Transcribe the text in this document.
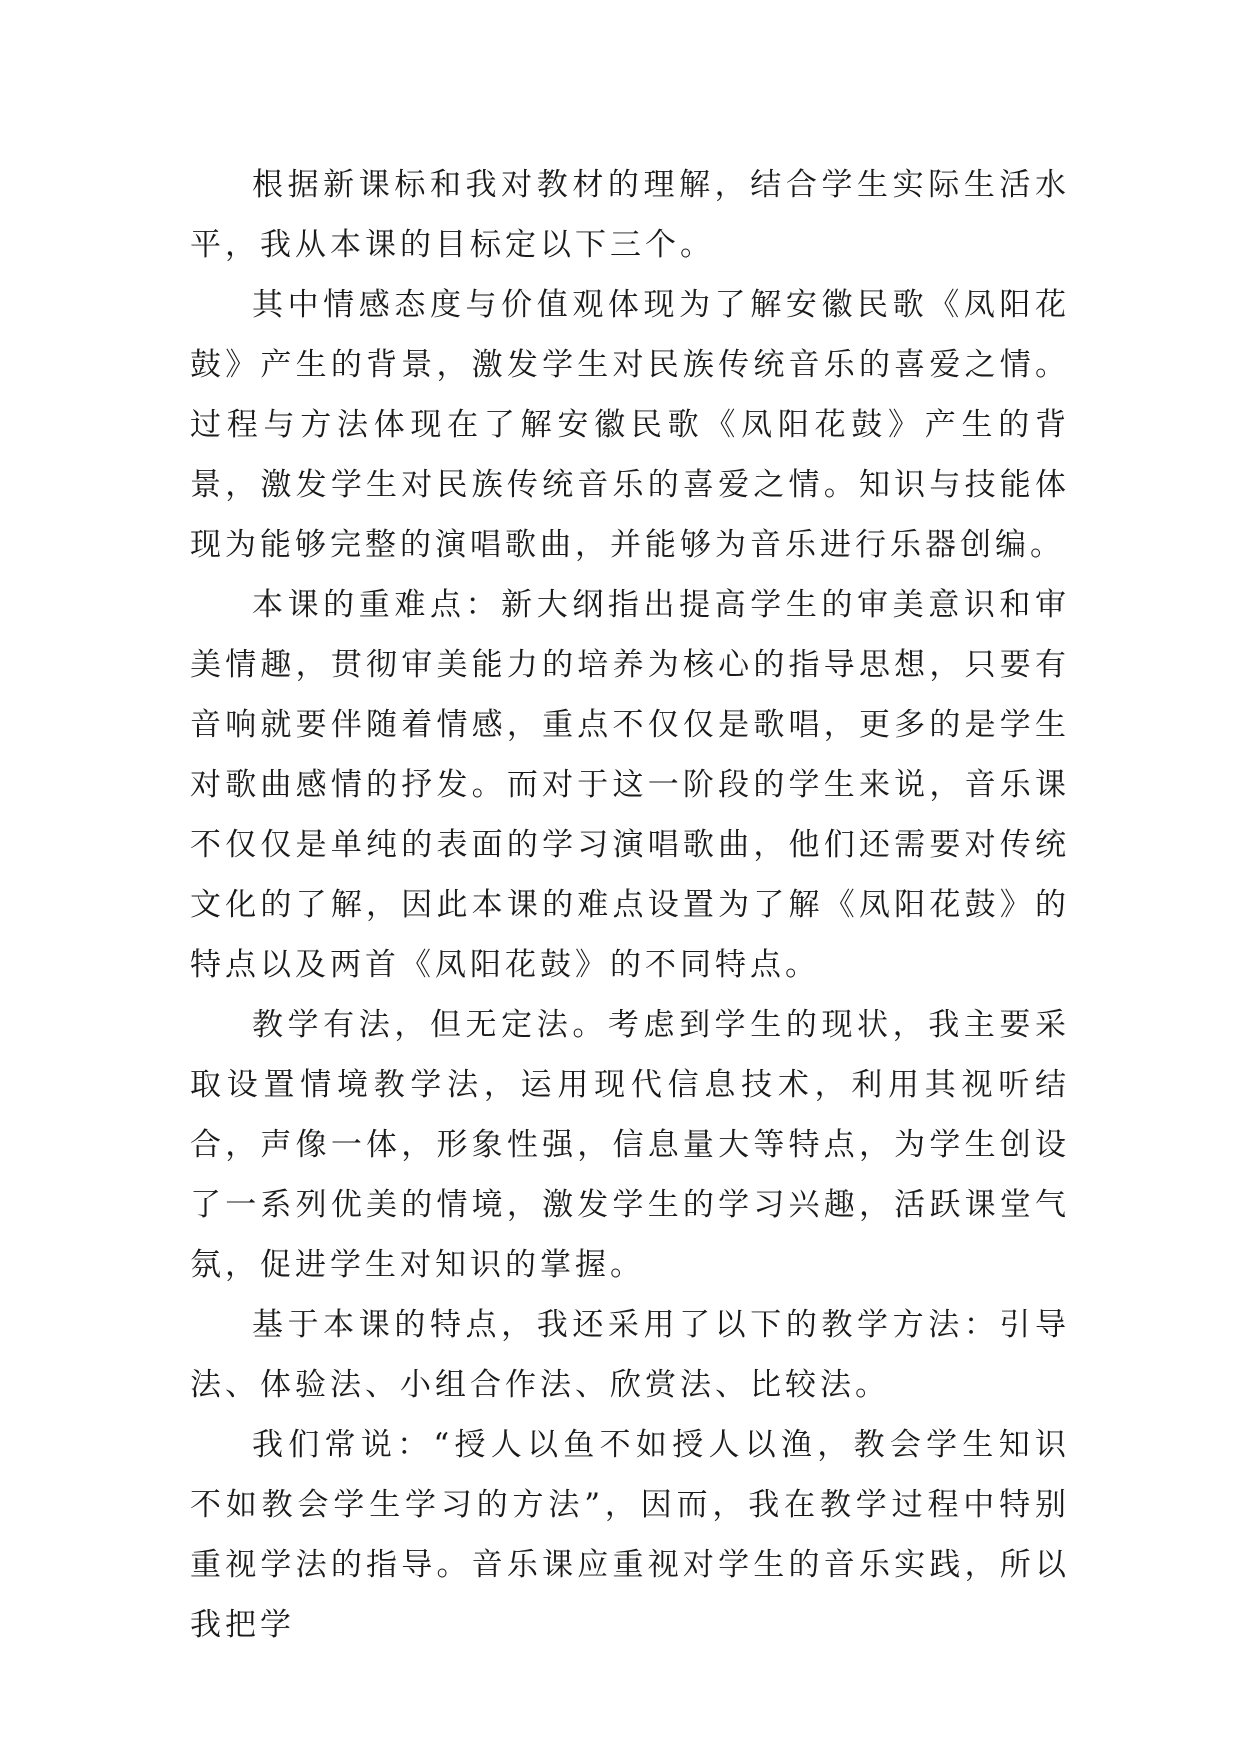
根据新课标和我对教材的理解，结合学生实际生活水平，我从本课的目标定以下三个。

其中情感态度与价值观体现为了解安徽民歌《凤阳花鼓》产生的背景，激发学生对民族传统音乐的喜爱之情。过程与方法体现在了解安徽民歌《凤阳花鼓》产生的背景，激发学生对民族传统音乐的喜爱之情。知识与技能体现为能够完整的演唱歌曲，并能够为音乐进行乐器创编。

本课的重难点：新大纲指出提高学生的审美意识和审美情趣，贯彻审美能力的培养为核心的指导思想，只要有音响就要伴随着情感，重点不仅仅是歌唱，更多的是学生对歌曲感情的抒发。而对于这一阶段的学生来说，音乐课不仅仅是单纯的表面的学习演唱歌曲，他们还需要对传统文化的了解，因此本课的难点设置为了解《凤阳花鼓》的特点以及两首《凤阳花鼓》的不同特点。

教学有法，但无定法。考虑到学生的现状，我主要采取设置情境教学法，运用现代信息技术，利用其视听结合，声像一体，形象性强，信息量大等特点，为学生创设了一系列优美的情境，激发学生的学习兴趣，活跃课堂气氛，促进学生对知识的掌握。

基于本课的特点，我还采用了以下的教学方法：引导法、体验法、小组合作法、欣赏法、比较法。

我们常说：“授人以鱼不如授人以渔，教会学生知识不如教会学生学习的方法”，因而，我在教学过程中特别重视学法的指导。音乐课应重视对学生的音乐实践，所以我把学
